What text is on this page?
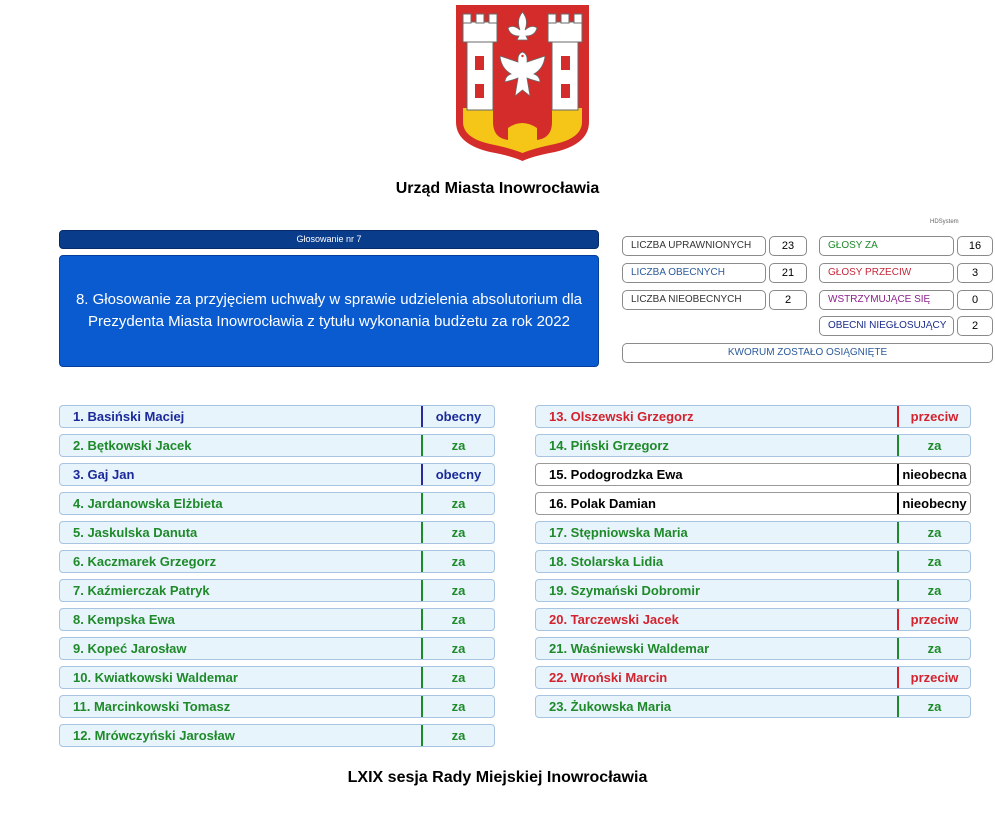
Urząd Miasta Inowrocławia
HDSystem
Głosowanie nr 7
8. Głosowanie za przyjęciem uchwały w sprawie udzielenia absolutorium dla Prezydenta Miasta Inowrocławia z tytułu wykonania budżetu za rok 2022
LICZBA UPRAWNIONYCH	23
LICZBA OBECNYCH	21
LICZBA NIEOBECNYCH	2
GŁOSY ZA	16
GŁOSY PRZECIW	3
WSTRZYMUJĄCE SIĘ	0
OBECNI NIEGŁOSUJĄCY	2
KWORUM ZOSTAŁO OSIĄGNIĘTE
1. Basiński Maciej	obecny
2. Bętkowski Jacek	za
3. Gaj Jan	obecny
4. Jardanowska Elżbieta	za
5. Jaskulska Danuta	za
6. Kaczmarek Grzegorz	za
7. Kaźmierczak Patryk	za
8. Kempska Ewa	za
9. Kopeć Jarosław	za
10. Kwiatkowski Waldemar	za
11. Marcinkowski Tomasz	za
12. Mrówczyński Jarosław	za
13. Olszewski Grzegorz	przeciw
14. Piński Grzegorz	za
15. Podogrodzka Ewa	nieobecna
16. Polak Damian	nieobecny
17. Stępniowska Maria	za
18. Stolarska Lidia	za
19. Szymański Dobromir	za
20. Tarczewski Jacek	przeciw
21. Waśniewski Waldemar	za
22. Wroński Marcin	przeciw
23. Żukowska Maria	za
LXIX sesja Rady Miejskiej Inowrocławia
